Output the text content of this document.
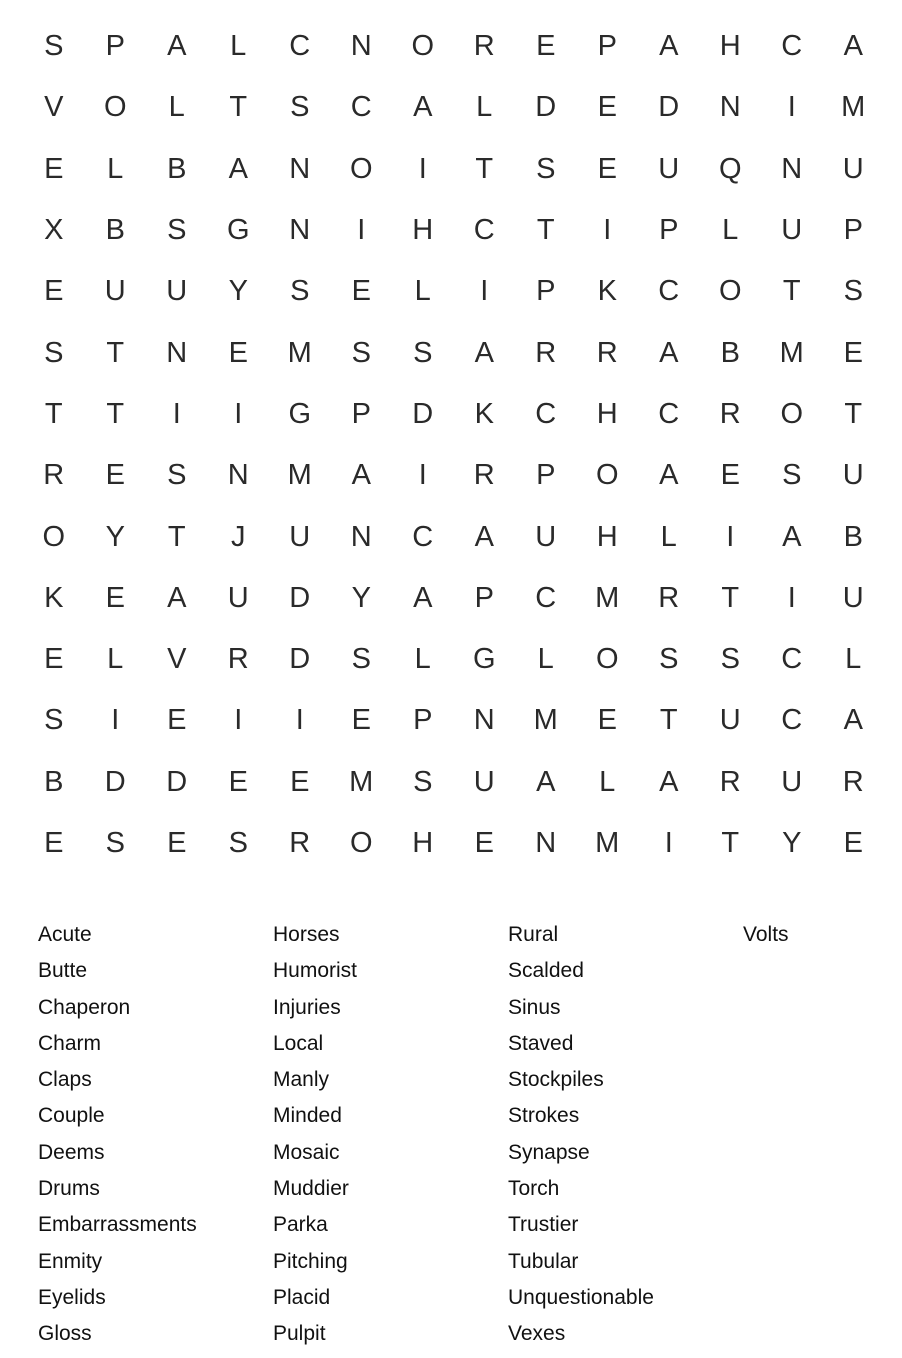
S	P	A	L	C	N	O	R	E	P	A	H	C	A
V	O	L	T	S	C	A	L	D	E	D	N	I	M
E	L	B	A	N	O	I	T	S	E	U	Q	N	U
X	B	S	G	N	I	H	C	T	I	P	L	U	P
E	U	U	Y	S	E	L	I	P	K	C	O	T	S
S	T	N	E	M	S	S	A	R	R	A	B	M	E
T	T	I	I	G	P	D	K	C	H	C	R	O	T
R	E	S	N	M	A	I	R	P	O	A	E	S	U
O	Y	T	J	U	N	C	A	U	H	L	I	A	B
K	E	A	U	D	Y	A	P	C	M	R	T	I	U
E	L	V	R	D	S	L	G	L	O	S	S	C	L
S	I	E	I	I	E	P	N	M	E	T	U	C	A
B	D	D	E	E	M	S	U	A	L	A	R	U	R
E	S	E	S	R	O	H	E	N	M	I	T	Y	E
Acute
Butte
Chaperon
Charm
Claps
Couple
Deems
Drums
Embarrassments
Enmity
Eyelids
Gloss
Horses
Humorist
Injuries
Local
Manly
Minded
Mosaic
Muddier
Parka
Pitching
Placid
Pulpit
Rural
Scalded
Sinus
Staved
Stockpiles
Strokes
Synapse
Torch
Trustier
Tubular
Unquestionable
Vexes
Volts
